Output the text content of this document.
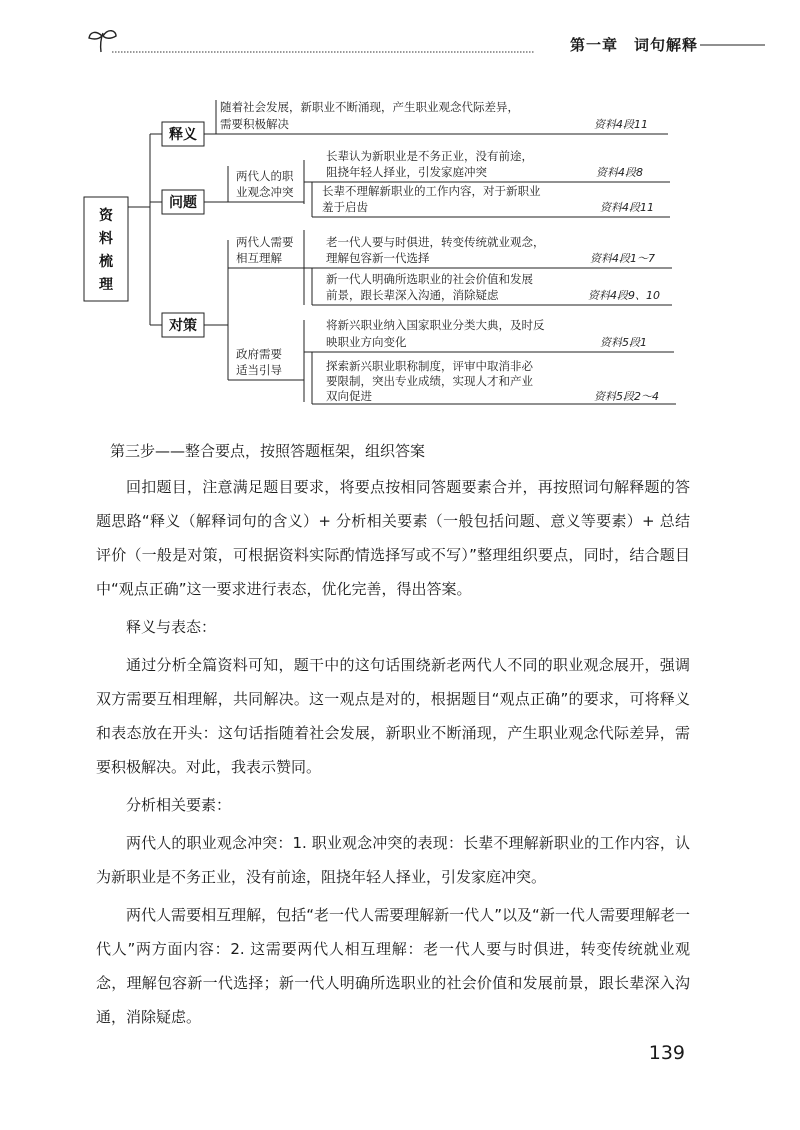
第一章　词句解释
资
料
梳
理
释义
问题
对策
随着社会发展，新职业不断涌现，产生职业观念代际差异，
需要积极解决	资料4段11
两代人的职
业观念冲突
长辈认为新职业是不务正业，没有前途，
阻挠年轻人择业，引发家庭冲突	资料4段8
长辈不理解新职业的工作内容，对于新职业
羞于启齿	资料4段11
两代人需要
相互理解
老一代人要与时俱进，转变传统就业观念，
理解包容新一代选择	资料4段1～7
新一代人明确所选职业的社会价值和发展
前景，跟长辈深入沟通，消除疑虑	资料4段9、10
政府需要
适当引导
将新兴职业纳入国家职业分类大典，及时反
映职业方向变化	资料5段1
探索新兴职业职称制度，评审中取消非必
要限制，突出专业成绩，实现人才和产业
双向促进	资料5段2～4
第三步——整合要点，按照答题框架，组织答案

回扣题目，注意满足题目要求，将要点按相同答题要素合并，再按照词句解释题的答题思路“释义（解释词句的含义）+ 分析相关要素（一般包括问题、意义等要素）+ 总结评价（一般是对策，可根据资料实际酌情选择写或不写）”整理组织要点，同时，结合题目中“观点正确”这一要求进行表态，优化完善，得出答案。

释义与表态：

通过分析全篇资料可知，题干中的这句话围绕新老两代人不同的职业观念展开，强调双方需要互相理解，共同解决。这一观点是对的，根据题目“观点正确”的要求，可将释义和表态放在开头：这句话指随着社会发展，新职业不断涌现，产生职业观念代际差异，需要积极解决。对此，我表示赞同。

分析相关要素：

两代人的职业观念冲突：1. 职业观念冲突的表现：长辈不理解新职业的工作内容，认为新职业是不务正业，没有前途，阻挠年轻人择业，引发家庭冲突。

两代人需要相互理解，包括“老一代人需要理解新一代人”以及“新一代人需要理解老一代人”两方面内容：2. 这需要两代人相互理解：老一代人要与时俱进，转变传统就业观念，理解包容新一代选择；新一代人明确所选职业的社会价值和发展前景，跟长辈深入沟通，消除疑虑。

139
